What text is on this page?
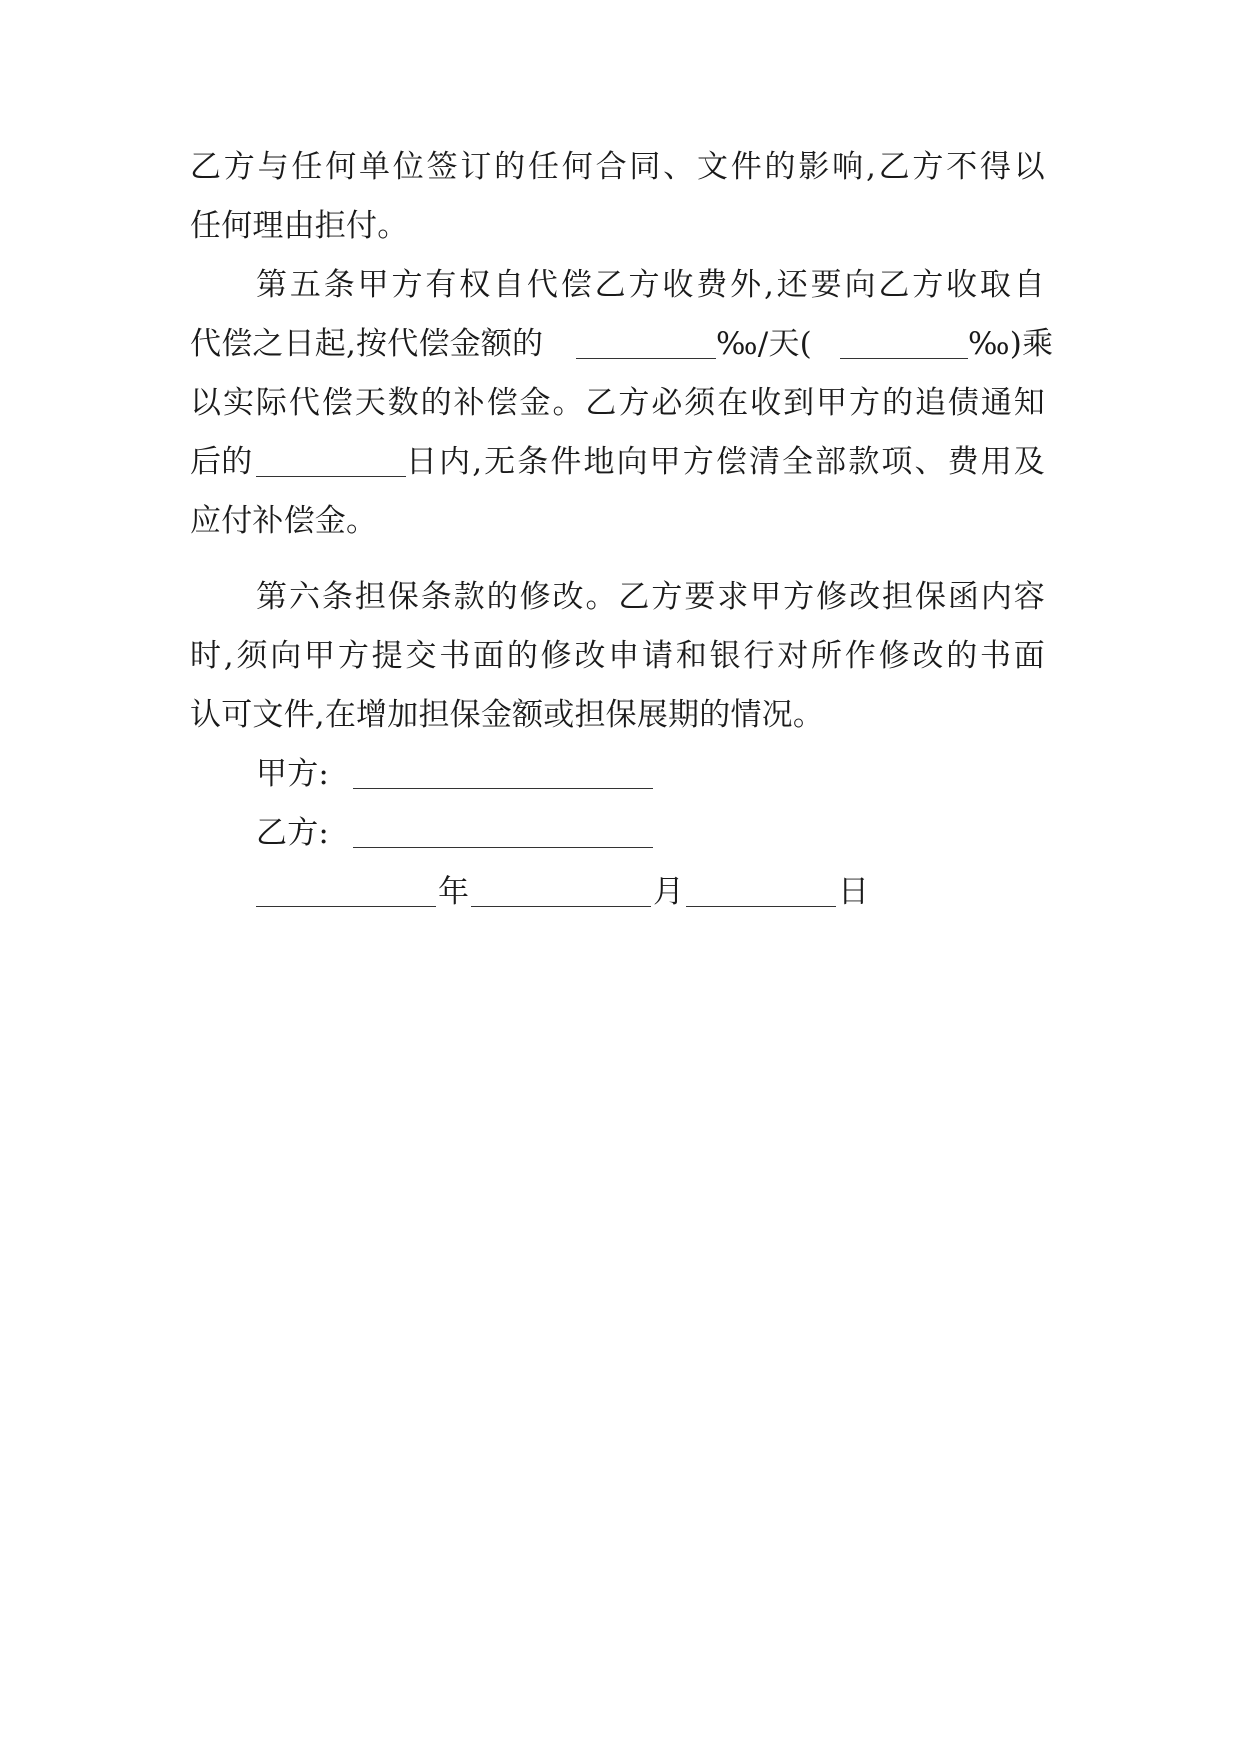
乙方与任何单位签订的任何合同、文件的影响,乙方不得以
任何理由拒付。
第五条甲方有权自代偿乙方收费外,还要向乙方收取自
代偿之日起,按代偿金额的	‰/天(	‰)乘
以实际代偿天数的补偿金。乙方必须在收到甲方的追债通知
后的	日内,无条件地向甲方偿清全部款项、费用及
应付补偿金。
第六条担保条款的修改。乙方要求甲方修改担保函内容
时,须向甲方提交书面的修改申请和银行对所作修改的书面
认可文件,在增加担保金额或担保展期的情况。
甲方:
乙方:
年	月	日
